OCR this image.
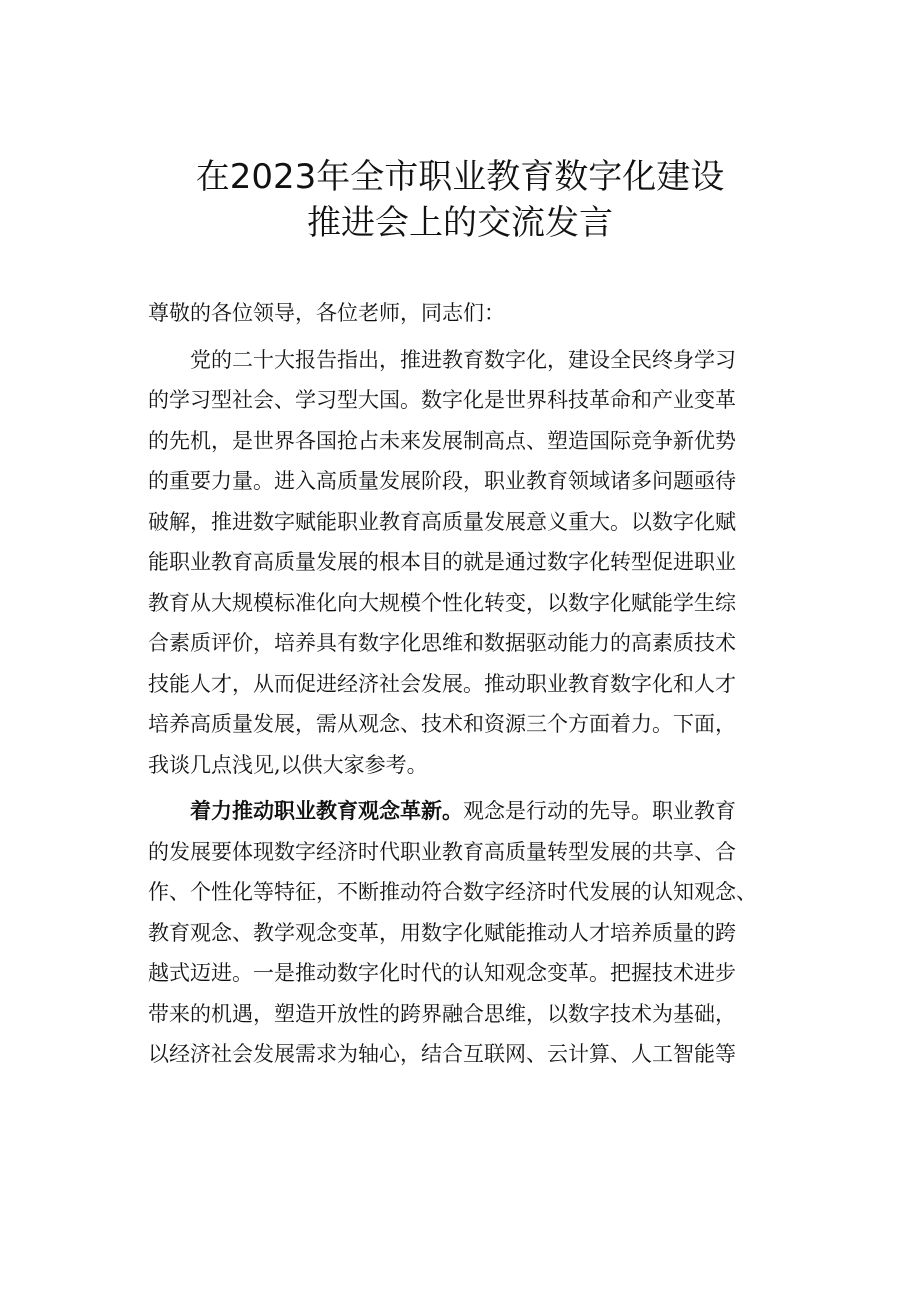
在2023年全市职业教育数字化建设
推进会上的交流发言
尊敬的各位领导，各位老师，同志们：
党的二十大报告指出，推进教育数字化，建设全民终身学习
的学习型社会、学习型大国。数字化是世界科技革命和产业变革
的先机，是世界各国抢占未来发展制高点、塑造国际竞争新优势
的重要力量。进入高质量发展阶段，职业教育领域诸多问题亟待
破解，推进数字赋能职业教育高质量发展意义重大。以数字化赋
能职业教育高质量发展的根本目的就是通过数字化转型促进职业
教育从大规模标准化向大规模个性化转变，以数字化赋能学生综
合素质评价，培养具有数字化思维和数据驱动能力的高素质技术
技能人才，从而促进经济社会发展。推动职业教育数字化和人才
培养高质量发展，需从观念、技术和资源三个方面着力。下面，
我谈几点浅见,以供大家参考。
着力推动职业教育观念革新。观念是行动的先导。职业教育
的发展要体现数字经济时代职业教育高质量转型发展的共享、合
作、个性化等特征，不断推动符合数字经济时代发展的认知观念、
教育观念、教学观念变革，用数字化赋能推动人才培养质量的跨
越式迈进。一是推动数字化时代的认知观念变革。把握技术进步
带来的机遇，塑造开放性的跨界融合思维，以数字技术为基础，
以经济社会发展需求为轴心，结合互联网、云计算、人工智能等
